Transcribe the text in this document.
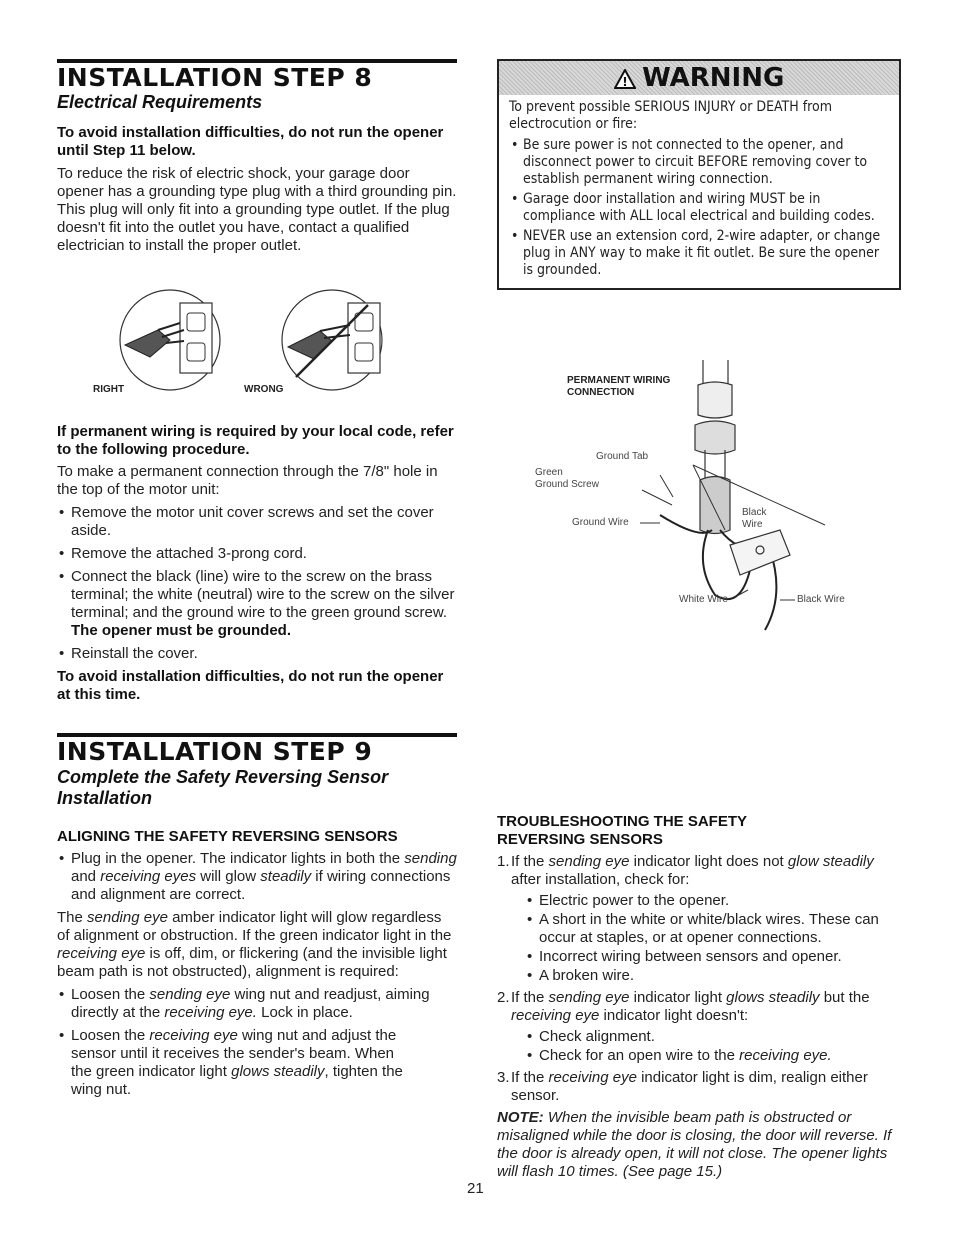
INSTALLATION STEP 8
Electrical Requirements

To avoid installation difficulties, do not run the opener until Step 11 below.

To reduce the risk of electric shock, your garage door opener has a grounding type plug with a third grounding pin. This plug will only fit into a grounding type outlet. If the plug doesn't fit into the outlet you have, contact a qualified electrician to install the proper outlet.

RIGHT	WRONG

If permanent wiring is required by your local code, refer to the following procedure.

To make a permanent connection through the 7/8" hole in the top of the motor unit:

• Remove the motor unit cover screws and set the cover aside.
• Remove the attached 3-prong cord.
• Connect the black (line) wire to the screw on the brass terminal; the white (neutral) wire to the screw on the silver terminal; and the ground wire to the green ground screw. The opener must be grounded.
• Reinstall the cover.

To avoid installation difficulties, do not run the opener at this time.

! WARNING

To prevent possible SERIOUS INJURY or DEATH from electrocution or fire:

• Be sure power is not connected to the opener, and disconnect power to circuit BEFORE removing cover to establish permanent wiring connection.
• Garage door installation and wiring MUST be in compliance with ALL local electrical and building codes.
• NEVER use an extension cord, 2-wire adapter, or change plug in ANY way to make it fit outlet. Be sure the opener is grounded.
PERMANENT WIRING
CONNECTION
Ground Tab
Green
Ground Screw
Ground Wire
Black
Wire
White Wire	Black Wire
INSTALLATION STEP 9
Complete the Safety Reversing Sensor
Installation
ALIGNING THE SAFETY REVERSING SENSORS
• Plug in the opener. The indicator lights in both the sending and receiving eyes will glow steadily if wiring connections and alignment are correct.

The sending eye amber indicator light will glow regardless of alignment or obstruction. If the green indicator light in the receiving eye is off, dim, or flickering (and the invisible light beam path is not obstructed), alignment is required:

• Loosen the sending eye wing nut and readjust, aiming directly at the receiving eye. Lock in place.
• Loosen the receiving eye wing nut and adjust the sensor until it receives the sender's beam. When the green indicator light glows steadily, tighten the
wing nut.
TROUBLESHOOTING THE SAFETY
REVERSING SENSORS
1. If the sending eye indicator light does not glow steadily after installation, check for:
• Electric power to the opener.
• A short in the white or white/black wires. These can occur at staples, or at opener connections.
• Incorrect wiring between sensors and opener.
• A broken wire.
2. If the sending eye indicator light glows steadily but the receiving eye indicator light doesn't:
• Check alignment.
• Check for an open wire to the receiving eye.
3. If the receiving eye indicator light is dim, realign either sensor.

NOTE: When the invisible beam path is obstructed or misaligned while the door is closing, the door will reverse. If the door is already open, it will not close. The opener lights will flash 10 times. (See page 15.)

21
